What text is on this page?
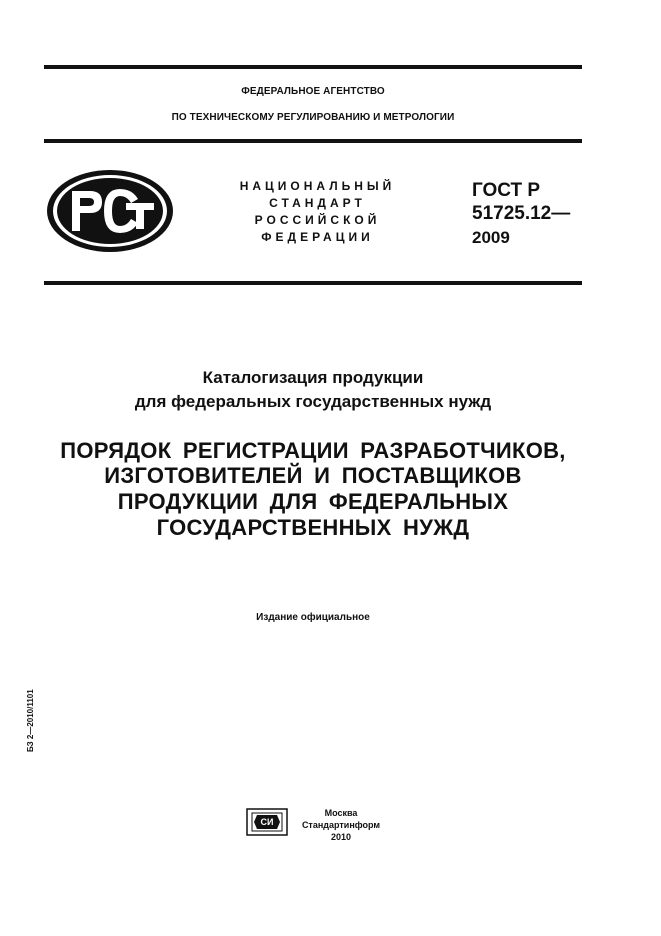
ФЕДЕРАЛЬНОЕ АГЕНТСТВО
ПО ТЕХНИЧЕСКОМУ РЕГУЛИРОВАНИЮ И МЕТРОЛОГИИ
НАЦИОНАЛЬНЫЙ
СТАНДАРТ
РОССИЙСКОЙ
ФЕДЕРАЦИИ
ГОСТ Р
51725.12—
2009
Каталогизация продукции
для федеральных государственных нужд
ПОРЯДОК РЕГИСТРАЦИИ РАЗРАБОТЧИКОВ,
ИЗГОТОВИТЕЛЕЙ И ПОСТАВЩИКОВ
ПРОДУКЦИИ ДЛЯ ФЕДЕРАЛЬНЫХ
ГОСУДАРСТВЕННЫХ НУЖД
Издание официальное
БЗ 2—2010/1101
СИ
Москва
Стандартинформ
2010
